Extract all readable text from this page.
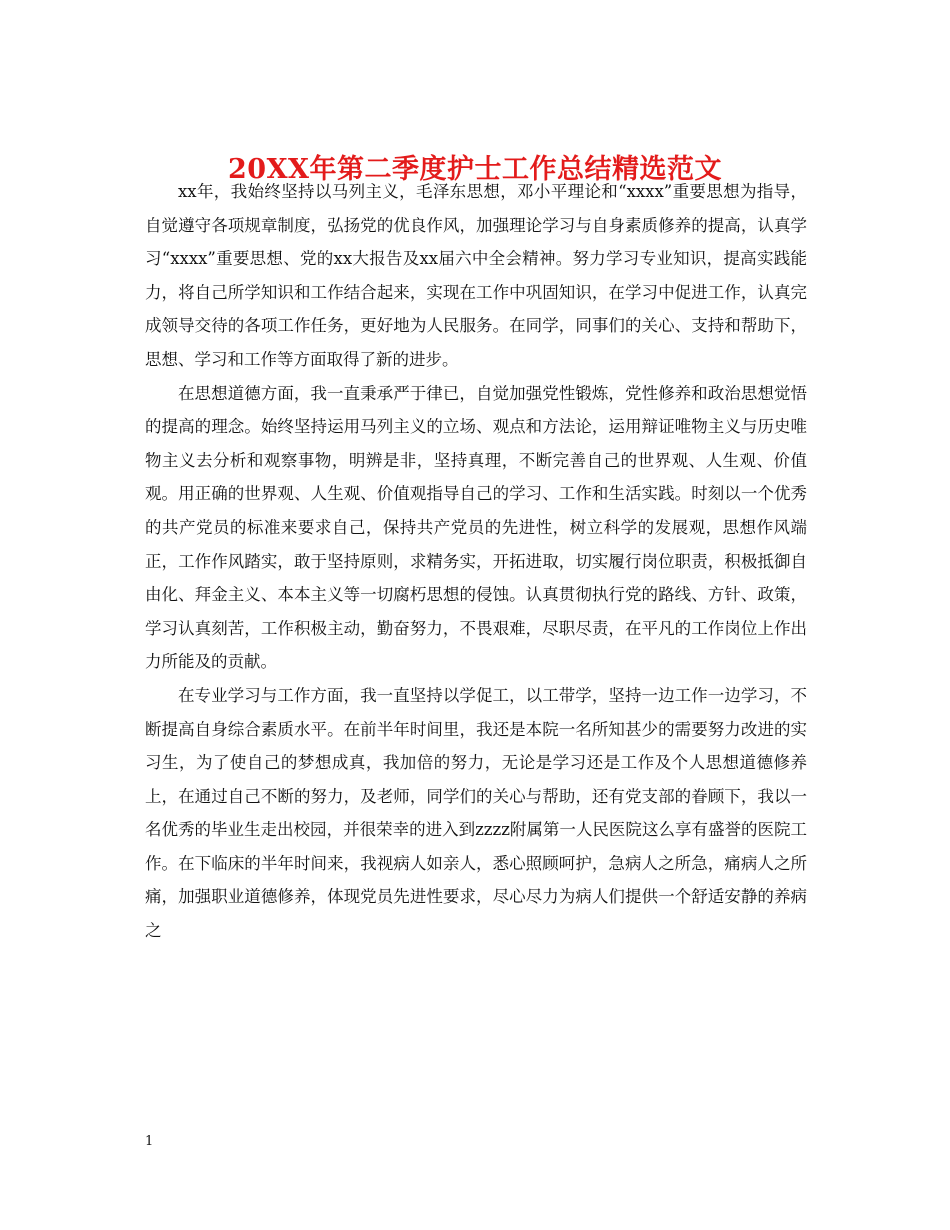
20XX年第二季度护士工作总结精选范文

xx年，我始终坚持以马列主义，毛泽东思想，邓小平理论和“xxxx”重要思想为指导，自觉遵守各项规章制度，弘扬党的优良作风，加强理论学习与自身素质修养的提高，认真学习“xxxx”重要思想、党的xx大报告及xx届六中全会精神。努力学习专业知识，提高实践能力，将自己所学知识和工作结合起来，实现在工作中巩固知识，在学习中促进工作，认真完成领导交待的各项工作任务，更好地为人民服务。在同学，同事们的关心、支持和帮助下，思想、学习和工作等方面取得了新的进步。

在思想道德方面，我一直秉承严于律已，自觉加强党性锻炼，党性修养和政治思想觉悟的提高的理念。始终坚持运用马列主义的立场、观点和方法论，运用辩证唯物主义与历史唯物主义去分析和观察事物，明辨是非，坚持真理，不断完善自己的世界观、人生观、价值观。用正确的世界观、人生观、价值观指导自己的学习、工作和生活实践。时刻以一个优秀的共产党员的标准来要求自己，保持共产党员的先进性，树立科学的发展观，思想作风端正，工作作风踏实，敢于坚持原则，求精务实，开拓进取，切实履行岗位职责，积极抵御自由化、拜金主义、本本主义等一切腐朽思想的侵蚀。认真贯彻执行党的路线、方针、政策，学习认真刻苦，工作积极主动，勤奋努力，不畏艰难，尽职尽责，在平凡的工作岗位上作出力所能及的贡献。

在专业学习与工作方面，我一直坚持以学促工，以工带学，坚持一边工作一边学习，不断提高自身综合素质水平。在前半年时间里，我还是本院一名所知甚少的需要努力改进的实习生，为了使自己的梦想成真，我加倍的努力，无论是学习还是工作及个人思想道德修养上，在通过自己不断的努力，及老师，同学们的关心与帮助，还有党支部的眷顾下，我以一名优秀的毕业生走出校园，并很荣幸的进入到zzzz附属第一人民医院这么享有盛誉的医院工作。在下临床的半年时间来，我视病人如亲人，悉心照顾呵护，急病人之所急，痛病人之所痛，加强职业道德修养，体现党员先进性要求，尽心尽力为病人们提供一个舒适安静的养病之

1
